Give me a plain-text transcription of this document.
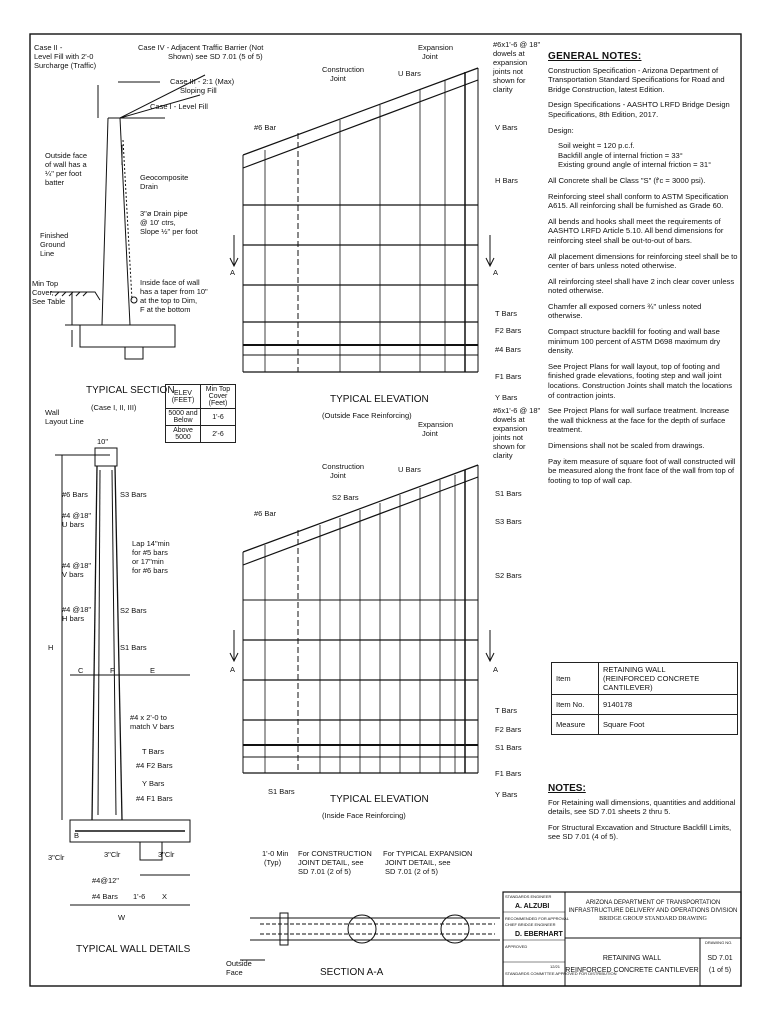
Case II -
Level Fill with 2'-0
Surcharge (Traffic)
Case IV - Adjacent Traffic Barrier (Not
Shown) see SD 7.01 (5 of 5)
Case III - 2:1 (Max)
Sloping Fill
Case I - Level Fill
Outside face
of wall has a
¼" per foot
batter
Geocomposite
Drain
3"ø Drain pipe
@ 10' ctrs,
Slope ½" per foot
Finished
Ground
Line
Inside face of wall
has a taper from 10"
at the top to Dim,
F at the bottom
Min Top
Cover,
See Table
TYPICAL SECTION
(Case I, II, III)
Construction
Joint
Expansion
Joint
#6x1'-6 @ 18"
dowels at
expansion
joints not
shown for
clarity
U Bars
V Bars
H Bars
#6 Bar
A	A
T Bars
F2 Bars
#4 Bars
F1 Bars
Y Bars
TYPICAL ELEVATION
(Outside Face Reinforcing)
Construction
Joint
Expansion
Joint
#6x1'-6 @ 18"
dowels at
expansion
joints not
shown for
clarity
U Bars
S2 Bars	S1 Bars
S3 Bars
S2 Bars
#6 Bar
A	A
T Bars
F2 Bars
S1 Bars
F1 Bars
Y Bars
S1 Bars
TYPICAL ELEVATION
(Inside Face Reinforcing)
Wall
Layout Line
10"
#6 Bars	S3 Bars
#4 @18"
U bars
Lap 14"min
for #5 bars
or 17"min
for #6 bars
#4 @18"
V bars
#4 @18"
H bars
S2 Bars
S1 Bars
H
C	F	E
#4 x 2'-0 to
match V bars
T Bars
#4 F2 Bars
Y Bars
#4 F1 Bars
3"Clr	3"Clr	3"Clr
#4@12"
#4 Bars 1'-6 X
B
W
TYPICAL WALL DETAILS
1'-0 Min
(Typ)
For CONSTRUCTION
JOINT DETAIL, see
SD 7.01 (2 of 5)
For TYPICAL EXPANSION
JOINT DETAIL, see
SD 7.01 (2 of 5)
Outside
Face	SECTION A-A
STANDARDS ENGINEER
RECOMMENDED FOR APPROVAL
CHIEF BRIDGE ENGINEER
APPROVED
STANDARDS COMMITTEE APPROVED FOR DISTRIBUTION
12/21
DRAWING NO.
A. ALZUBI
D. EBERHART
ARIZONA DEPARTMENT OF TRANSPORTATION
INFRASTRUCTURE DELIVERY AND OPERATIONS DIVISION
BRIDGE GROUP STANDARD DRAWING
RETAINING WALL
REINFORCED CONCRETE CANTILEVER
SD 7.01
(1 of 5)
ELEV (FEET)	Min Top Cover (Feet)
5000 and Below	1'-6
Above 5000	2'-6
GENERAL NOTES:

Construction Specification - Arizona Department of Transportation Standard Specifications for Road and Bridge Construction, latest Edition.

Design Specifications - AASHTO LRFD Bridge Design Specifications, 8th Edition, 2017.

Design:

Soil weight = 120 p.c.f.
Backfill angle of internal friction = 33°
Existing ground angle of internal friction = 31°

All Concrete shall be Class "S" (f'c = 3000 psi).

Reinforcing steel shall conform to ASTM Specification A615. All reinforcing shall be furnished as Grade 60.

All bends and hooks shall meet the requirements of AASHTO LRFD Article 5.10. All bend dimensions for reinforcing steel shall be out-to-out of bars.

All placement dimensions for reinforcing steel shall be to center of bars unless noted otherwise.

All reinforcing steel shall have 2 inch clear cover unless noted otherwise.

Chamfer all exposed corners ¾" unless noted otherwise.

Compact structure backfill for footing and wall base minimum 100 percent of ASTM D698 maximum dry density.

See Project Plans for wall layout, top of footing and finished grade elevations, footing step and wall joint locations. Construction Joints shall match the locations of contraction joints.

See Project Plans for wall surface treatment. Increase the wall thickness at the face for the depth of surface treatment.

Dimensions shall not be scaled from drawings.

Pay item measure of square foot of wall constructed will be measured along the front face of the wall from top of footing to top of wall cap.

Item	RETAINING WALL
(REINFORCED CONCRETE CANTILEVER)

Item No.	9140178
Measure	Square Foot
NOTES:

For Retaining wall dimensions, quantities and additional details, see SD 7.01 sheets 2 thru 5.

For Structural Excavation and Structure Backfill Limits, see SD 7.01 (4 of 5).
